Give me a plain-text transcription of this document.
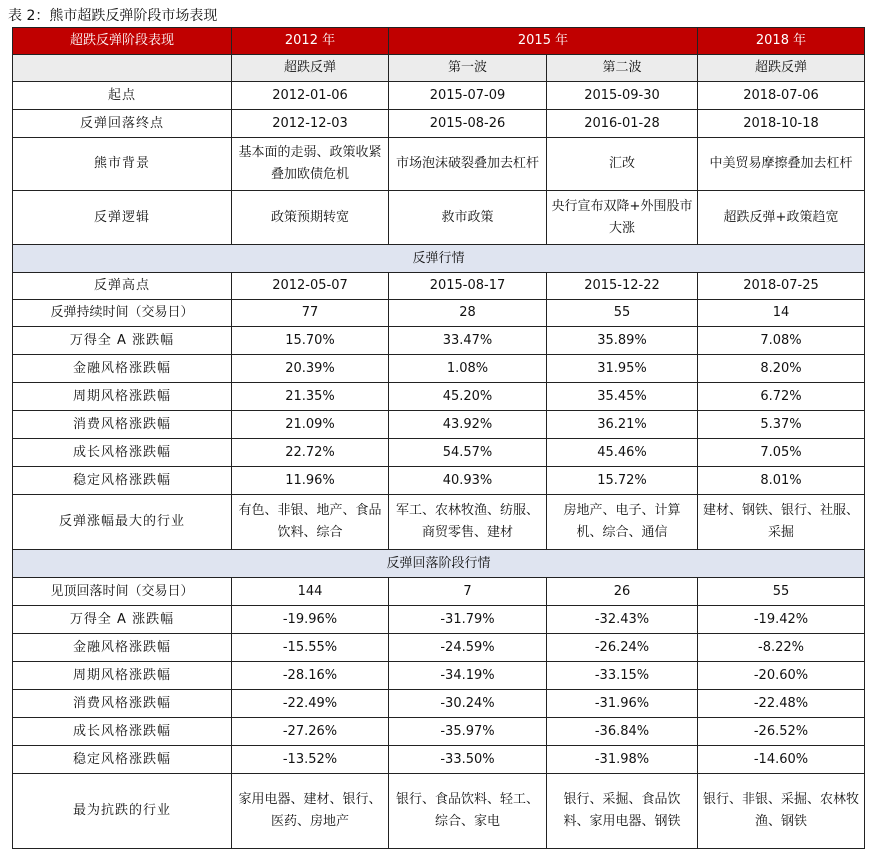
表 2：熊市超跌反弹阶段市场表现
超跌反弹阶段表现	2012 年	2015 年		2018 年
	超跌反弹	第一波	第二波	超跌反弹
起点	2012-01-06	2015-07-09	2015-09-30	2018-07-06
反弹回落终点	2012-12-03	2015-08-26	2016-01-28	2018-10-18
熊市背景	基本面的走弱、政策收紧叠加欧债危机	市场泡沫破裂叠加去杠杆	汇改	中美贸易摩擦叠加去杠杆
反弹逻辑	政策预期转宽	救市政策	央行宣布双降+外围股市大涨	超跌反弹+政策趋宽
反弹行情				
反弹高点	2012-05-07	2015-08-17	2015-12-22	2018-07-25
反弹持续时间（交易日）	77	28	55	14
万得全 A 涨跌幅	15.70%	33.47%	35.89%	7.08%
金融风格涨跌幅	20.39%	1.08%	31.95%	8.20%
周期风格涨跌幅	21.35%	45.20%	35.45%	6.72%
消费风格涨跌幅	21.09%	43.92%	36.21%	5.37%
成长风格涨跌幅	22.72%	54.57%	45.46%	7.05%
稳定风格涨跌幅	11.96%	40.93%	15.72%	8.01%
反弹涨幅最大的行业	有色、非银、地产、食品饮料、综合	军工、农林牧渔、纺服、商贸零售、建材	房地产、电子、计算机、综合、通信	建材、钢铁、银行、社服、采掘
反弹回落阶段行情				
见顶回落时间（交易日）	144	7	26	55
万得全 A 涨跌幅	-19.96%	-31.79%	-32.43%	-19.42%
金融风格涨跌幅	-15.55%	-24.59%	-26.24%	-8.22%
周期风格涨跌幅	-28.16%	-34.19%	-33.15%	-20.60%
消费风格涨跌幅	-22.49%	-30.24%	-31.96%	-22.48%
成长风格涨跌幅	-27.26%	-35.97%	-36.84%	-26.52%
稳定风格涨跌幅	-13.52%	-33.50%	-31.98%	-14.60%
最为抗跌的行业	家用电器、建材、银行、医药、房地产	银行、食品饮料、轻工、综合、家电	银行、采掘、食品饮料、家用电器、钢铁	银行、非银、采掘、农林牧渔、钢铁
